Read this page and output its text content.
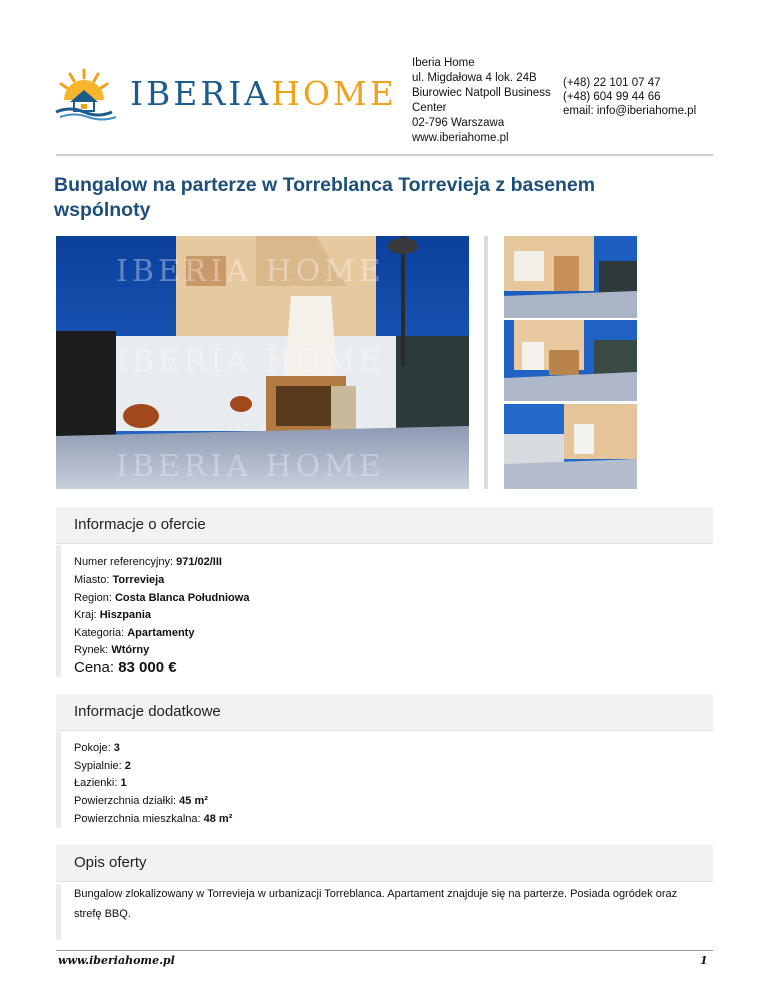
IBERIAHOME
Iberia Home
ul. Migdałowa 4 lok. 24B
Biurowiec Natpoll Business
Center
02-796 Warszawa
www.iberiahome.pl
(+48) 22 101 07 47
(+48) 604 99 44 66
email: info@iberiahome.pl
Bungalow na parterze w Torreblanca Torrevieja z basenem wspólnoty
IBERIA HOME
IBERIA HOME
IBERIA HOME
Informacje o ofercie
Numer referencyjny: 971/02/III
Miasto: Torrevieja
Region: Costa Blanca Południowa
Kraj: Hiszpania
Kategoria: Apartamenty
Rynek: Wtórny
Cena: 83 000 €
Informacje dodatkowe
Pokoje: 3
Sypialnie: 2
Łazienki: 1
Powierzchnia działki: 45 m²
Powierzchnia mieszkalna: 48 m²
Opis oferty
Bungalow zlokalizowany w Torrevieja w urbanizacji Torreblanca. Apartament znajduje się na parterze. Posiada ogródek oraz strefę BBQ.
www.iberiahome.pl	1
